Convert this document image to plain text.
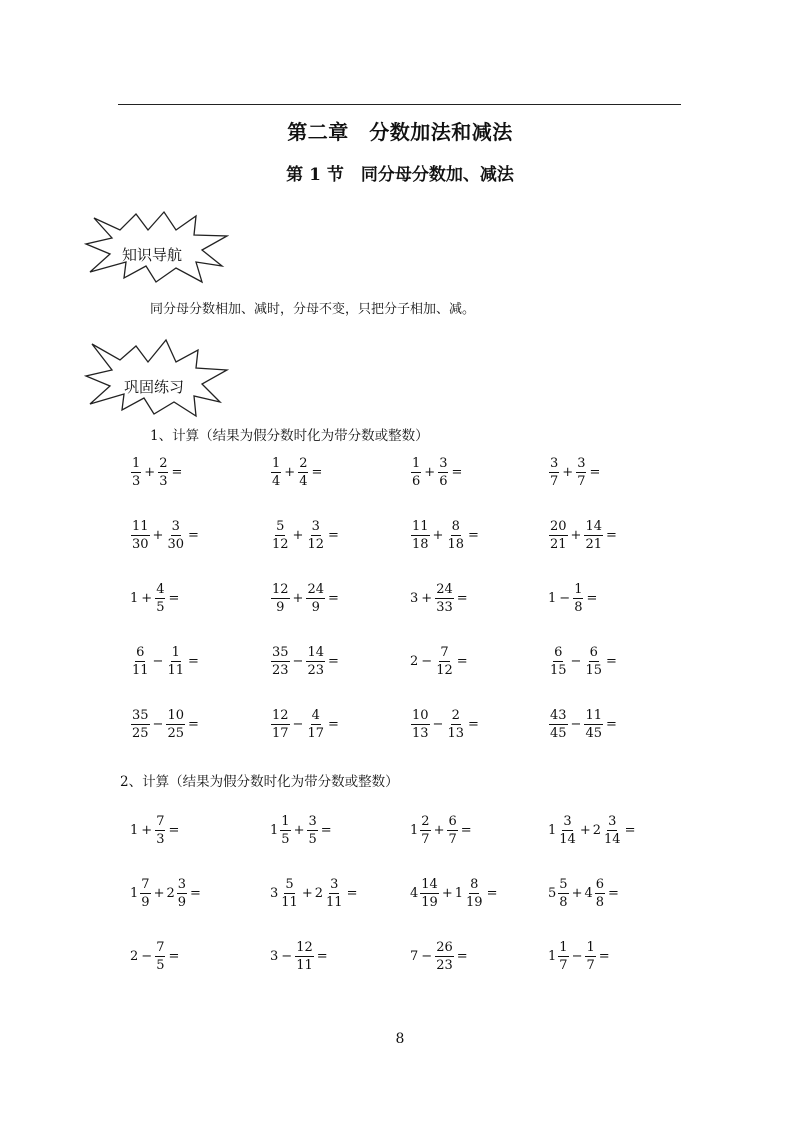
第二章　分数加法和减法
第 1 节　同分母分数加、减法
知识导航
同分母分数相加、减时，分母不变，只把分子相加、减。
巩固练习
1、计算（结果为假分数时化为带分数或整数）
$\frac{1}{3} + \frac{2}{3}$ =	$\frac{1}{4} + \frac{2}{4}$ =	$\frac{1}{6} + \frac{3}{6}$ =	$\frac{3}{7} + \frac{3}{7}$ =
$\frac{11}{30} + \frac{3}{30}$ =	$\frac{5}{12} + \frac{3}{12}$ =	$\frac{11}{18} + \frac{8}{18}$ =	$\frac{20}{21} + \frac{14}{21}$ =
$1 + \frac{4}{5}$ =	$\frac{12}{9} + \frac{24}{9}$ =	$3 + \frac{24}{33}$ =	$1 - \frac{1}{8}$ =
$\frac{6}{11} - \frac{1}{11}$ =	$\frac{35}{23} - \frac{14}{23}$ =	$2 - \frac{7}{12}$ =	$\frac{6}{15} - \frac{6}{15}$ =
$\frac{35}{25} - \frac{10}{25}$ =	$\frac{12}{17} - \frac{4}{17}$ =	$\frac{10}{13} - \frac{2}{13}$ =	$\frac{43}{45} - \frac{11}{45}$ =
2、计算（结果为假分数时化为带分数或整数）
$1 + \frac{7}{3}$ =	$1 \frac{1}{5} + \frac{3}{5}$ =	$1 \frac{2}{7} + \frac{6}{7}$ =	$1 \frac{3}{14} + 2 \frac{3}{14}$ =
$1 \frac{7}{9} + 2 \frac{3}{9}$ =	$3 \frac{5}{11} + 2 \frac{3}{11}$ =	$4 \frac{14}{19} + 1 \frac{8}{19}$ =	$5 \frac{5}{8} + 4 \frac{6}{8}$ =
$2 - \frac{7}{5}$ =	$3 - \frac{12}{11}$ =	$7 - \frac{26}{23}$ =	$1 \frac{1}{7} - \frac{1}{7}$ =
8
